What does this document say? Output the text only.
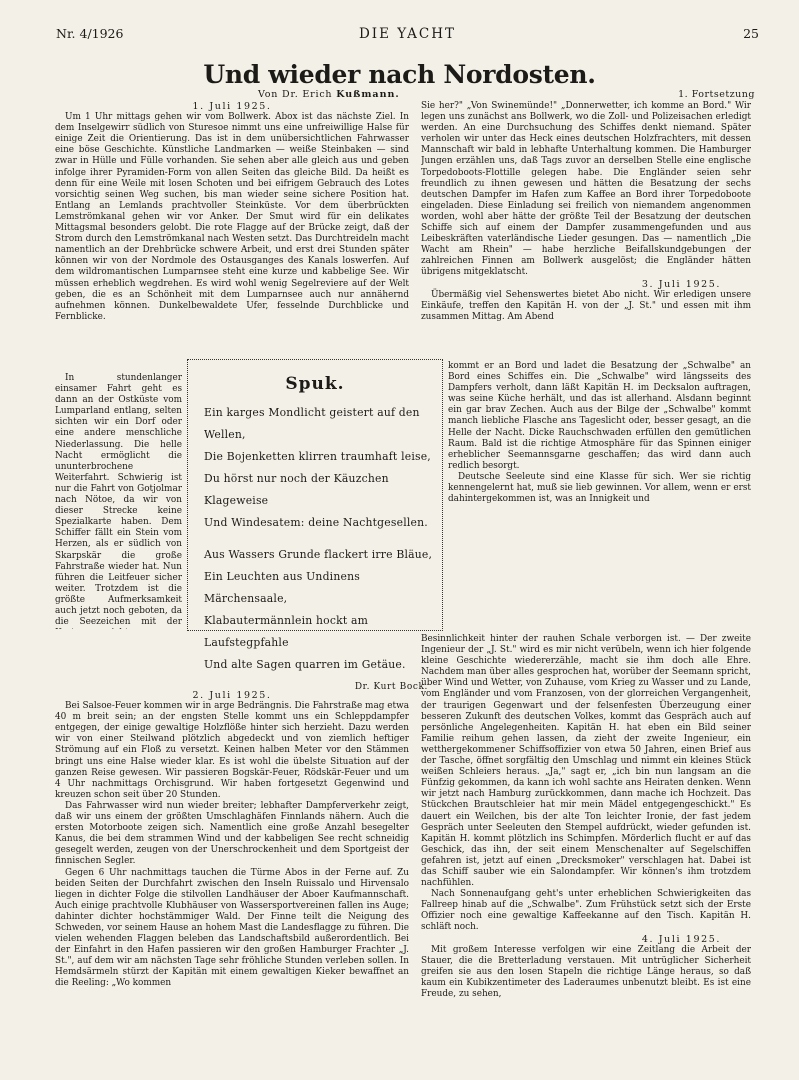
Nr. 4/1926	DIE YACHT	25
Und wieder nach Nordosten.
Von Dr. Erich Kußmann.	1. Fortsetzung
1. Juli 1925.

Um 1 Uhr mittags gehen wir vom Bollwerk. Abox ist das nächste Ziel. In dem Inselgewirr südlich von Sturesoe nimmt uns eine unfreiwillige Halse für einige Zeit die Orientierung. Das ist in dem unübersichtlichen Fahrwasser eine böse Geschichte. Künstliche Landmarken — weiße Steinbaken — sind zwar in Hülle und Fülle vorhanden. Sie sehen aber alle gleich aus und geben infolge ihrer Pyramiden-Form von allen Seiten das gleiche Bild. Da heißt es denn für eine Weile mit losen Schoten und bei eifrigem Gebrauch des Lotes vorsichtig seinen Weg suchen, bis man wieder seine sichere Position hat. Entlang an Lemlands prachtvoller Steinküste. Vor dem überbrückten Lemströmkanal gehen wir vor Anker. Der Smut wird für ein delikates Mittagsmal besonders gelobt. Die rote Flagge auf der Brücke zeigt, daß der Strom durch den Lemströmkanal nach Westen setzt. Das Durchtreideln macht namentlich an der Drehbrücke schwere Arbeit, und erst drei Stunden später können wir von der Nordmole des Ostausganges des Kanals loswerfen. Auf dem wildromantischen Lumparnsee steht eine kurze und kabbelige See. Wir müssen erheblich wegdrehen. Es wird wohl wenig Segelreviere auf der Welt geben, die es an Schönheit mit dem Lumparnsee auch nur annähernd aufnehmen können. Dunkelbewaldete Ufer, fesselnde Durchblicke und Fernblicke.

In stundenlanger einsamer Fahrt geht es dann an der Ostküste vom Lumparland entlang, selten sichten wir ein Dorf oder eine andere menschliche Niederlassung. Die helle Nacht ermöglicht die ununterbrochene Weiterfahrt. Schwierig ist nur die Fahrt von Gotjolmar nach Nötoe, da wir von dieser Strecke keine Spezialkarte haben. Dem Schiffer fällt ein Stein vom Herzen, als er südlich von Skarpskär die große Fahrstraße wieder hat. Nun führen die Leitfeuer sicher weiter. Trotzdem ist die größte Aufmerksamkeit auch jetzt noch geboten, da die Seezeichen mit der

2. Juli 1925.

Bei Salsoe-Feuer kommen wir in arge Bedrängnis. Die Fahrstraße mag etwa 40 m breit sein; an der engsten Stelle kommt uns ein Schleppdampfer entgegen, der einige gewaltige Holzflöße hinter sich herzieht. Dazu werden wir von einer Steilwand plötzlich abgedeckt und von ziemlich heftiger Strömung auf ein Floß zu versetzt. Keinen halben Meter vor den Stämmen bringt uns eine Halse wieder klar. Es ist wohl die übelste Situation auf der ganzen Reise gewesen. Wir passieren Bogskär-Feuer, Rödskär-Feuer und um 4 Uhr nachmittags Orchisgrund. Wir haben fortgesetzt Gegenwind und kreuzen schon seit über 20 Stunden.

Das Fahrwasser wird nun wieder breiter; lebhafter Dampferverkehr zeigt, daß wir uns einem der größten Umschlaghäfen Finnlands nähern. Auch die ersten Motorboote zeigen sich. Namentlich eine große Anzahl besegelter Kanus, die bei dem strammen Wind und der kabbeligen See recht schneidig gesegelt werden, zeugen von der Unerschrockenheit und dem Sportgeist der finnischen Segler.

Gegen 6 Uhr nachmittags tauchen die Türme Abos in der Ferne auf. Zu beiden Seiten der Durchfahrt zwischen den Inseln Ruissalo und Hirvensalo liegen in dichter Folge die stilvollen Landhäuser der Aboer Kaufmannschaft. Auch einige prachtvolle Klubhäuser von Wassersportvereinen fallen ins Auge; dahinter dichter hochstämmiger Wald. Der Finne teilt die Neigung des Schweden, vor seinem Hause an hohem Mast die Landesflagge zu führen. Die vielen wehenden Flaggen beleben das Landschaftsbild außerordentlich. Bei der Einfahrt in den Hafen passieren wir den großen Hamburger Frachter „J. St.", auf dem wir am nächsten Tage sehr fröhliche Stunden verleben sollen. In Hemdsärmeln stürzt der Kapitän mit einem gewaltigen Kieker bewaffnet an die Reeling: „Wo kommen

Sie her?" „Von Swinemünde!" „Donnerwetter, ich komme an Bord." Wir legen uns zunächst ans Bollwerk, wo die Zoll- und Polizeisachen erledigt werden. An eine Durchsuchung des Schiffes denkt niemand. Später verholen wir unter das Heck eines deutschen Holzfrachters, mit dessen Mannschaft wir bald in lebhafte Unterhaltung kommen. Die Hamburger Jungen erzählen uns, daß Tags zuvor an derselben Stelle eine englische Torpedoboots-Flottille gelegen habe. Die Engländer seien sehr freundlich zu ihnen gewesen und hätten die Besatzung der sechs deutschen Dampfer im Hafen zum Kaffee an Bord ihrer Torpedoboote eingeladen. Diese Einladung sei freilich von niemandem angenommen worden, wohl aber hätte der größte Teil der Besatzung der deutschen Schiffe sich auf einem der Dampfer zusammengefunden und aus Leibeskräften vaterländische Lieder gesungen. Das — namentlich „Die Wacht am Rhein" — habe herzliche Beifallskundgebungen der zahlreichen Finnen am Bollwerk ausgelöst; die Engländer hätten übrigens mitgeklatscht.

3. Juli 1925.

Übermäßig viel Sehenswertes bietet Abo nicht. Wir erledigen unsere Einkäufe, treffen den Kapitän H. von der „J. St." und essen mit ihm zusammen Mittag. Am Abend

kommt er an Bord und ladet die Besatzung der „Schwalbe" an Bord eines Schiffes ein. Die „Schwalbe" wird längsseits des Dampfers verholt, dann läßt Kapitän H. im Decksalon auftragen, was seine Küche herhält, und das ist allerhand. Alsdann beginnt ein gar brav Zechen. Auch aus der Bilge der „Schwalbe" kommt manch liebliche Flasche ans Tageslicht oder, besser gesagt, an die Helle der Nacht. Dicke Rauchschwaden erfüllen den gemütlichen Raum. Bald ist die richtige Atmosphäre für das Spinnen einiger erheblicher Seemannsgarne geschaffen; das wird dann auch redlich besorgt.

Deutsche Seeleute sind eine Klasse für sich. Wer sie richtig kennengelernt hat, muß sie lieb gewinnen. Vor allem, wenn er erst dahintergekommen ist, was an Innigkeit und

Besinnlichkeit hinter der rauhen Schale verborgen ist. — Der zweite Ingenieur der „J. St." wird es mir nicht verübeln, wenn ich hier folgende kleine Geschichte wiedererzähle, macht sie ihm doch alle Ehre. Nachdem man über alles gesprochen hat, worüber der Seemann spricht, über Wind und Wetter, von Zuhause, vom Krieg zu Wasser und zu Lande, vom Engländer und vom Franzosen, von der glorreichen Vergangenheit, der traurigen Gegenwart und der felsenfesten Überzeugung einer besseren Zukunft des deutschen Volkes, kommt das Gespräch auch auf persönliche Angelegenheiten. Kapitän H. hat eben ein Bild seiner Familie reihum gehen lassen, da zieht der zweite Ingenieur, ein wetthergekommener Schiffsoffizier von etwa 50 Jahren, einen Brief aus der Tasche, öffnet sorgfältig den Umschlag und nimmt ein kleines Stück weißen Schleiers heraus. „Ja," sagt er, „ich bin nun langsam an die Fünfzig gekommen, da kann ich wohl sachte ans Heiraten denken. Wenn wir jetzt nach Hamburg zurückkommen, dann mache ich Hochzeit. Das Stückchen Brautschleier hat mir mein Mädel entgegengeschickt." Es dauert ein Weilchen, bis der alte Ton leichter Ironie, der fast jedem Gespräch unter Seeleuten den Stempel aufdrückt, wieder gefunden ist. Kapitän H. kommt plötzlich ins Schimpfen. Mörderlich flucht er auf das Geschick, das ihn, der seit einem Menschenalter auf Segelschiffen gefahren ist, jetzt auf einen „Drecksmoker" verschlagen hat. Dabei ist das Schiff sauber wie ein Salondampfer. Wir können's ihm trotzdem nachfühlen.

Nach Sonnenaufgang geht's unter erheblichen Schwierigkeiten das Fallreep hinab auf die „Schwalbe". Zum Frühstück setzt sich der Erste Offizier noch eine gewaltige Kaffeekanne auf den Tisch. Kapitän H. schläft noch.

4. Juli 1925.

Mit großem Interesse verfolgen wir eine Zeitlang die Arbeit der Stauer, die die Bretterladung verstauen. Mit untrüglicher Sicherheit greifen sie aus den losen Stapeln die richtige Länge heraus, so daß kaum ein Kubikzentimeter des Laderaumes unbenutzt bleibt. Es ist eine Freude, zu sehen,

Spuk.
Ein karges Mondlicht geistert auf den Wellen,
Die Bojenketten klirren traumhaft leise,
Du hörst nur noch der Käuzchen Klageweise
Und Windesatem: deine Nachtgesellen.
Aus Wassers Grunde flackert irre Bläue,
Ein Leuchten aus Undinens Märchensaale,
Klabautermännlein hockt am Laufstegpfahle
Und alte Sagen quarren im Getäue.
Dr. Kurt Bock.
